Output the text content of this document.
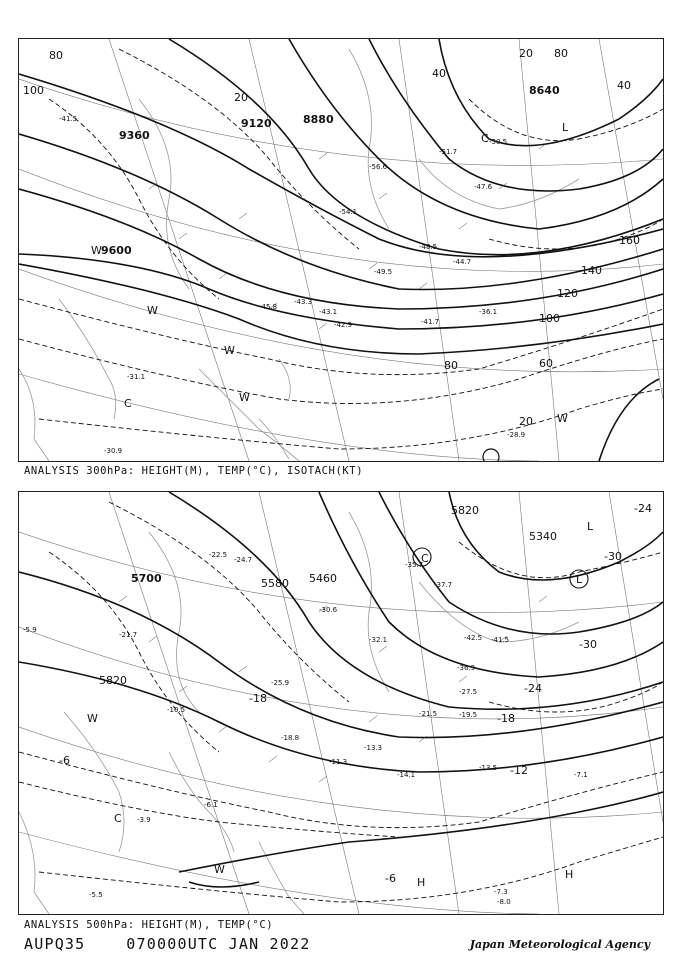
9360
9600
9120	8880
8640
20
40
60
80
100
120
140
160
80
40
20
100
80
20
-41.5
-43.3
-42.9	-41.7
-36.1
-31.1
-28.9
-48.5
-44.7
-51.7
-54.1
-56.6
-47.6
-50.5
-49.5
-45.8
-43.1
-30.9
C
C
W
W
W
W
W
L
ANALYSIS 300hPa: HEIGHT(M), TEMP(°C), ISOTACH(KT)
5700
5820
5580 5460
5340
5820	-24
-30
-30
-24
-18
-12
-6
-6
-18
-35.7
-37.7
-42.5 -41.5
-36.9
-27.5
-21.5	-19.5
-13.5
-14.1
-11.3
-7.1
-7.3
-13.3
-22.5
-30.6
-32.1
-25.9
-18.8
-10.5
-6.1
-5.5
-3.9
-21.7
-24.7
-5.9
-8.0
L
L
W
W
H
H
C
C
ANALYSIS 500hPa: HEIGHT(M), TEMP(°C)
AUPQ35    070000UTC JAN 2022	Japan Meteorological Agency
